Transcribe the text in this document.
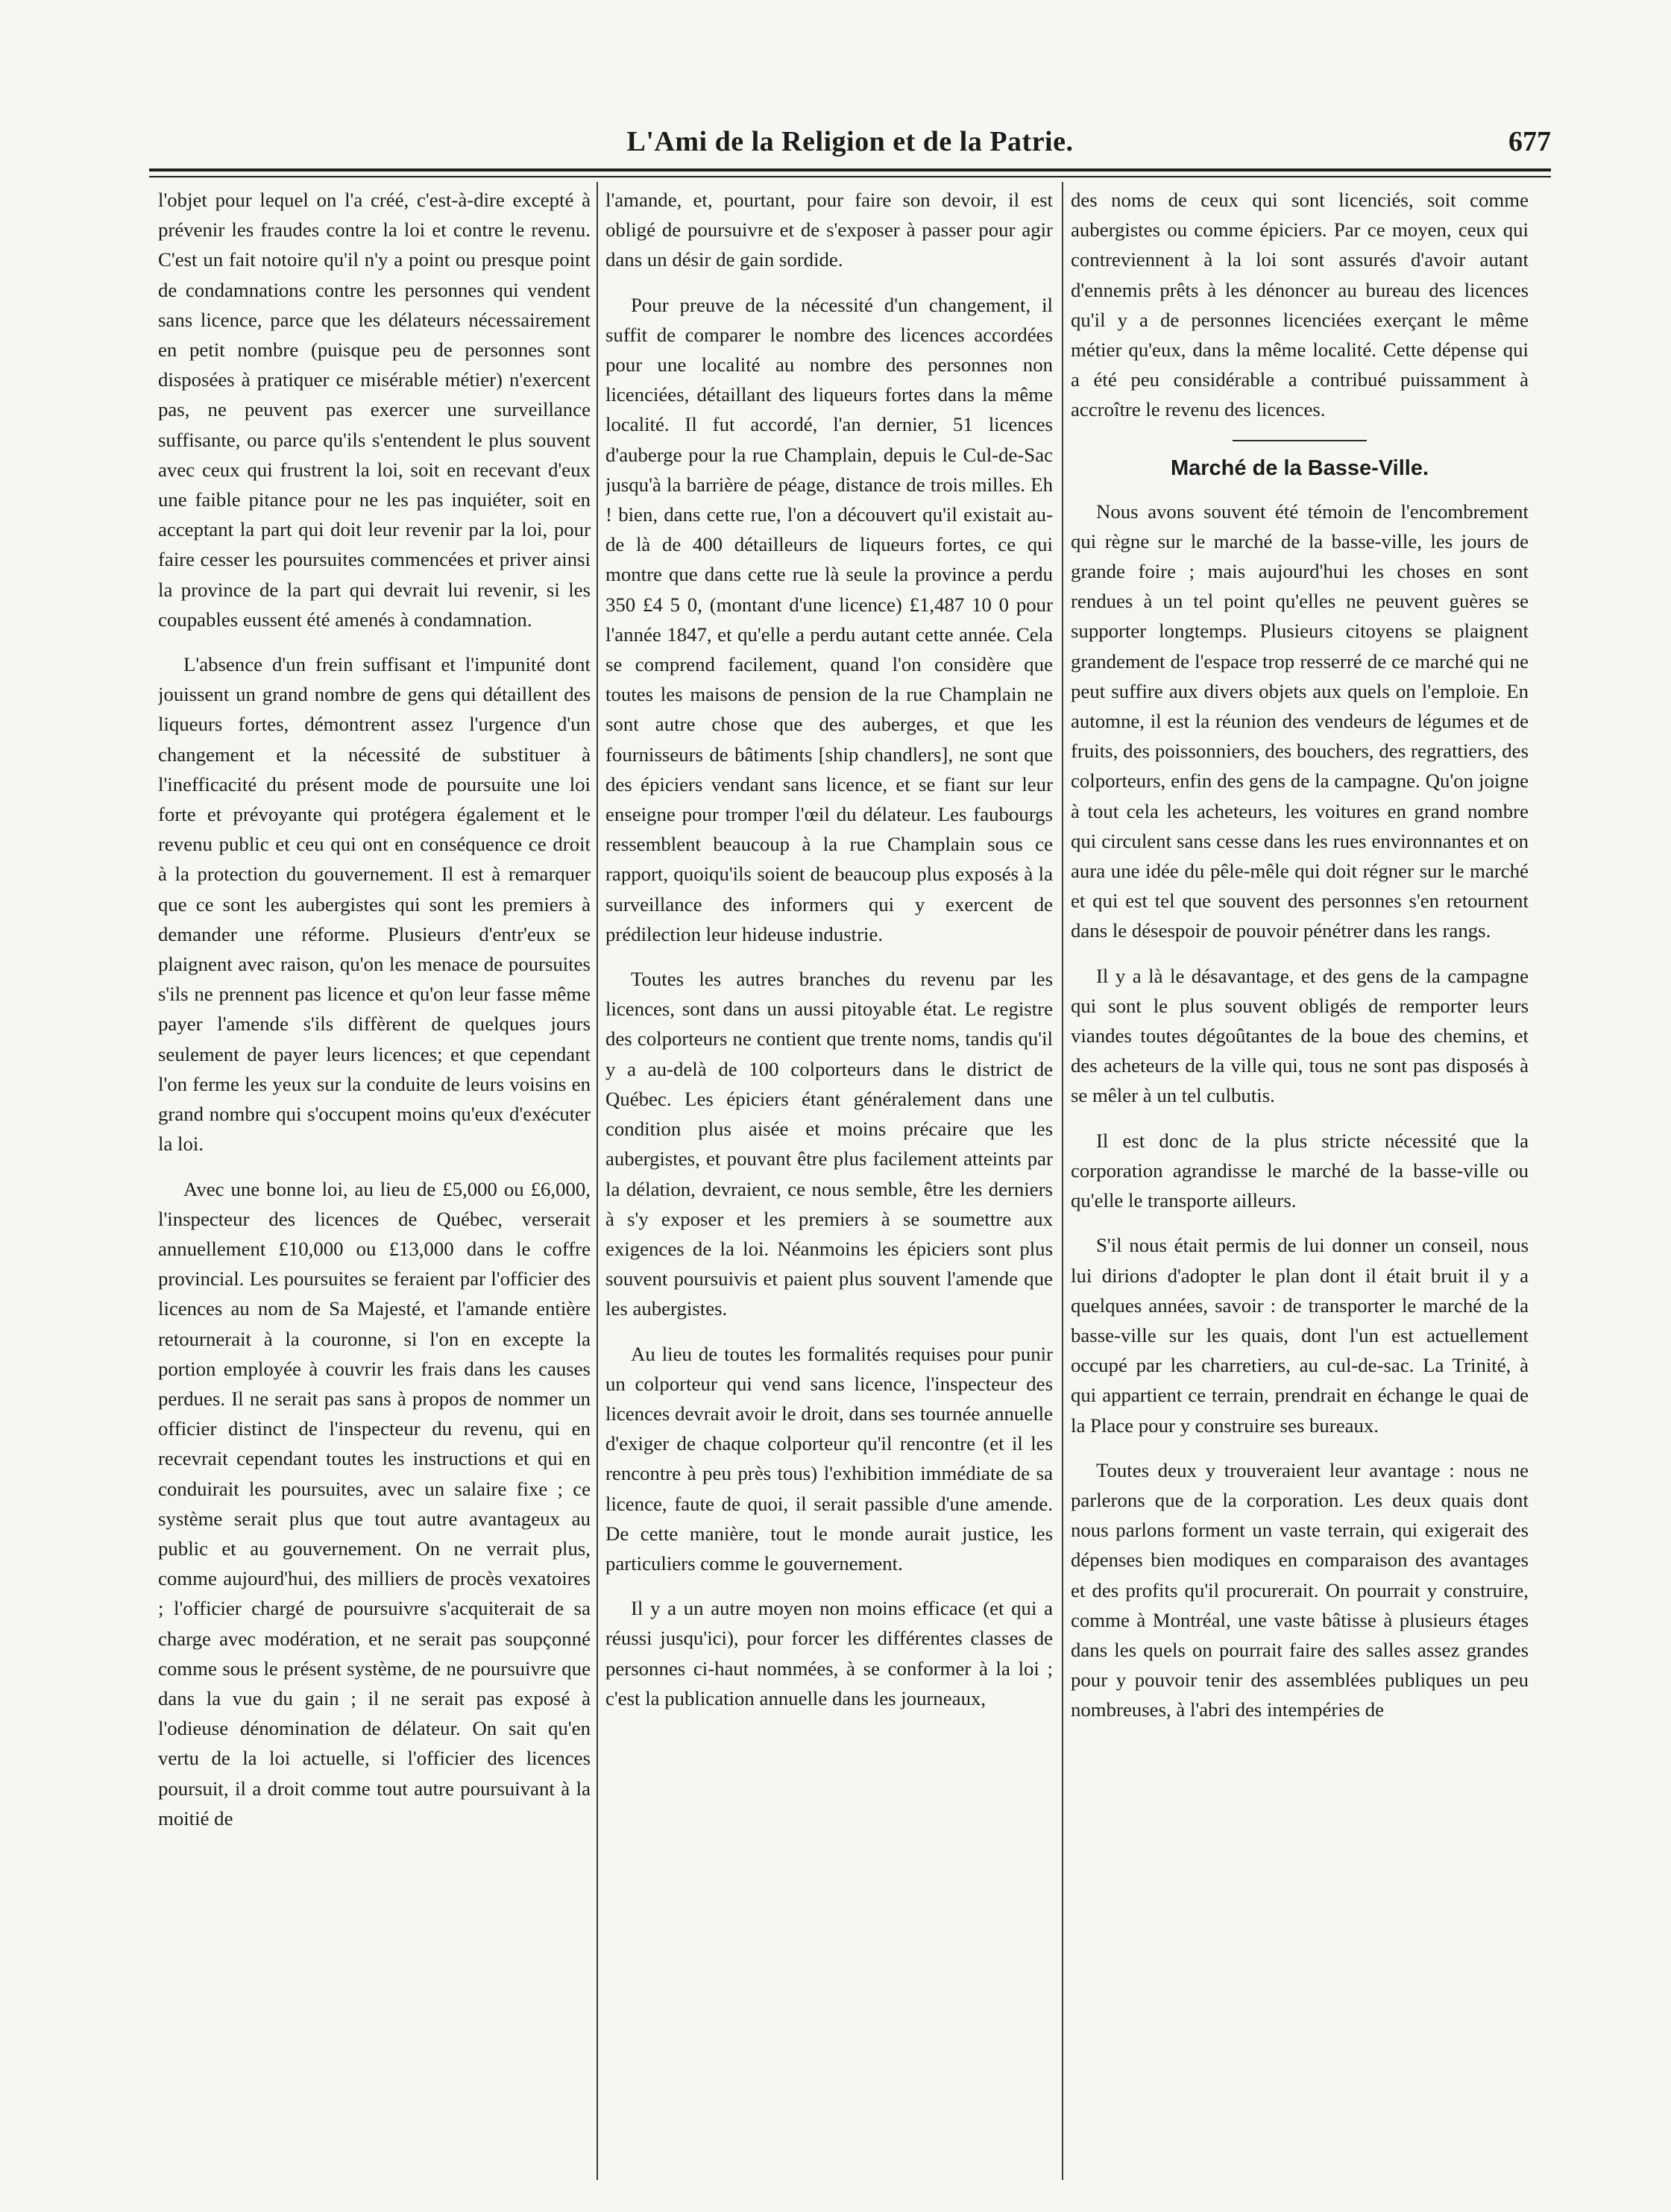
L'Ami de la Religion et de la Patrie.	677

l'objet pour lequel on l'a créé, c'est-à-dire excepté à prévenir les fraudes contre la loi et contre le revenu. C'est un fait notoire qu'il n'y a point ou presque point de condamnations contre les personnes qui vendent sans licence, parce que les délateurs nécessairement en petit nombre (puisque peu de personnes sont disposées à pratiquer ce misérable métier) n'exercent pas, ne peuvent pas exercer une surveillance suffisante, ou parce qu'ils s'entendent le plus souvent avec ceux qui frustrent la loi, soit en recevant d'eux une faible pitance pour ne les pas inquiéter, soit en acceptant la part qui doit leur revenir par la loi, pour faire cesser les poursuites commencées et priver ainsi la province de la part qui devrait lui revenir, si les coupables eussent été amenés à condamnation.

L'absence d'un frein suffisant et l'impunité dont jouissent un grand nombre de gens qui détaillent des liqueurs fortes, démontrent assez l'urgence d'un changement et la nécessité de substituer à l'inefficacité du présent mode de poursuite une loi forte et prévoyante qui protégera également et le revenu public et ceu qui ont en conséquence ce droit à la protection du gouvernement. Il est à remarquer que ce sont les aubergistes qui sont les premiers à demander une réforme. Plusieurs d'entr'eux se plaignent avec raison, qu'on les menace de poursuites s'ils ne prennent pas licence et qu'on leur fasse même payer l'amende s'ils diffèrent de quelques jours seulement de payer leurs licences; et que cependant l'on ferme les yeux sur la conduite de leurs voisins en grand nombre qui s'occupent moins qu'eux d'exécuter la loi.

Avec une bonne loi, au lieu de £5,000 ou £6,000, l'inspecteur des licences de Québec, verserait annuellement £10,000 ou £13,000 dans le coffre provincial. Les poursuites se feraient par l'officier des licences au nom de Sa Majesté, et l'amande entière retournerait à la couronne, si l'on en excepte la portion employée à couvrir les frais dans les causes perdues. Il ne serait pas sans à propos de nommer un officier distinct de l'inspecteur du revenu, qui en recevrait cependant toutes les instructions et qui en conduirait les poursuites, avec un salaire fixe ; ce système serait plus que tout autre avantageux au public et au gouvernement. On ne verrait plus, comme aujourd'hui, des milliers de procès vexatoires ; l'officier chargé de poursuivre s'acquiterait de sa charge avec modération, et ne serait pas soupçonné comme sous le présent système, de ne poursuivre que dans la vue du gain ; il ne serait pas exposé à l'odieuse dénomination de délateur. On sait qu'en vertu de la loi actuelle, si l'officier des licences poursuit, il a droit comme tout autre poursuivant à la moitié de

l'amande, et, pourtant, pour faire son devoir, il est obligé de poursuivre et de s'exposer à passer pour agir dans un désir de gain sordide.

Pour preuve de la nécessité d'un changement, il suffit de comparer le nombre des licences accordées pour une localité au nombre des personnes non licenciées, détaillant des liqueurs fortes dans la même localité. Il fut accordé, l'an dernier, 51 licences d'auberge pour la rue Champlain, depuis le Cul-de-Sac jusqu'à la barrière de péage, distance de trois milles. Eh ! bien, dans cette rue, l'on a découvert qu'il existait au-de là de 400 détailleurs de liqueurs fortes, ce qui montre que dans cette rue là seule la province a perdu 350 £4 5 0, (montant d'une licence) £1,487 10 0 pour l'année 1847, et qu'elle a perdu autant cette année. Cela se comprend facilement, quand l'on considère que toutes les maisons de pension de la rue Champlain ne sont autre chose que des auberges, et que les fournisseurs de bâtiments [ship chandlers], ne sont que des épiciers vendant sans licence, et se fiant sur leur enseigne pour tromper l'œil du délateur. Les faubourgs ressemblent beaucoup à la rue Champlain sous ce rapport, quoiqu'ils soient de beaucoup plus exposés à la surveillance des informers qui y exercent de prédilection leur hideuse industrie.

Toutes les autres branches du revenu par les licences, sont dans un aussi pitoyable état. Le registre des colporteurs ne contient que trente noms, tandis qu'il y a au-delà de 100 colporteurs dans le district de Québec. Les épiciers étant généralement dans une condition plus aisée et moins précaire que les aubergistes, et pouvant être plus facilement atteints par la délation, devraient, ce nous semble, être les derniers à s'y exposer et les premiers à se soumettre aux exigences de la loi. Néanmoins les épiciers sont plus souvent poursuivis et paient plus souvent l'amende que les aubergistes.

Au lieu de toutes les formalités requises pour punir un colporteur qui vend sans licence, l'inspecteur des licences devrait avoir le droit, dans ses tournée annuelle d'exiger de chaque colporteur qu'il rencontre (et il les rencontre à peu près tous) l'exhibition immédiate de sa licence, faute de quoi, il serait passible d'une amende. De cette manière, tout le monde aurait justice, les particuliers comme le gouvernement.

Il y a un autre moyen non moins efficace (et qui a réussi jusqu'ici), pour forcer les différentes classes de personnes ci-haut nommées, à se conformer à la loi ; c'est la publication annuelle dans les journeaux,

des noms de ceux qui sont licenciés, soit comme aubergistes ou comme épiciers. Par ce moyen, ceux qui contreviennent à la loi sont assurés d'avoir autant d'ennemis prêts à les dénoncer au bureau des licences qu'il y a de personnes licenciées exerçant le même métier qu'eux, dans la même localité. Cette dépense qui a été peu considérable a contribué puissamment à accroître le revenu des licences.

Marché de la Basse-Ville.

Nous avons souvent été témoin de l'encombrement qui règne sur le marché de la basse-ville, les jours de grande foire ; mais aujourd'hui les choses en sont rendues à un tel point qu'elles ne peuvent guères se supporter longtemps. Plusieurs citoyens se plaignent grandement de l'espace trop resserré de ce marché qui ne peut suffire aux divers objets aux quels on l'emploie. En automne, il est la réunion des vendeurs de légumes et de fruits, des poissonniers, des bouchers, des regrattiers, des colporteurs, enfin des gens de la campagne. Qu'on joigne à tout cela les acheteurs, les voitures en grand nombre qui circulent sans cesse dans les rues environnantes et on aura une idée du pêle-mêle qui doit régner sur le marché et qui est tel que souvent des personnes s'en retournent dans le désespoir de pouvoir pénétrer dans les rangs.

Il y a là le désavantage, et des gens de la campagne qui sont le plus souvent obligés de remporter leurs viandes toutes dégoûtantes de la boue des chemins, et des acheteurs de la ville qui, tous ne sont pas disposés à se mêler à un tel culbutis.

Il est donc de la plus stricte nécessité que la corporation agrandisse le marché de la basse-ville ou qu'elle le transporte ailleurs.

S'il nous était permis de lui donner un conseil, nous lui dirions d'adopter le plan dont il était bruit il y a quelques années, savoir : de transporter le marché de la basse-ville sur les quais, dont l'un est actuellement occupé par les charretiers, au cul-de-sac. La Trinité, à qui appartient ce terrain, prendrait en échange le quai de la Place pour y construire ses bureaux.

Toutes deux y trouveraient leur avantage : nous ne parlerons que de la corporation. Les deux quais dont nous parlons forment un vaste terrain, qui exigerait des dépenses bien modiques en comparaison des avantages et des profits qu'il procurerait. On pourrait y construire, comme à Montréal, une vaste bâtisse à plusieurs étages dans les quels on pourrait faire des salles assez grandes pour y pouvoir tenir des assemblées publiques un peu nombreuses, à l'abri des intempéries de
